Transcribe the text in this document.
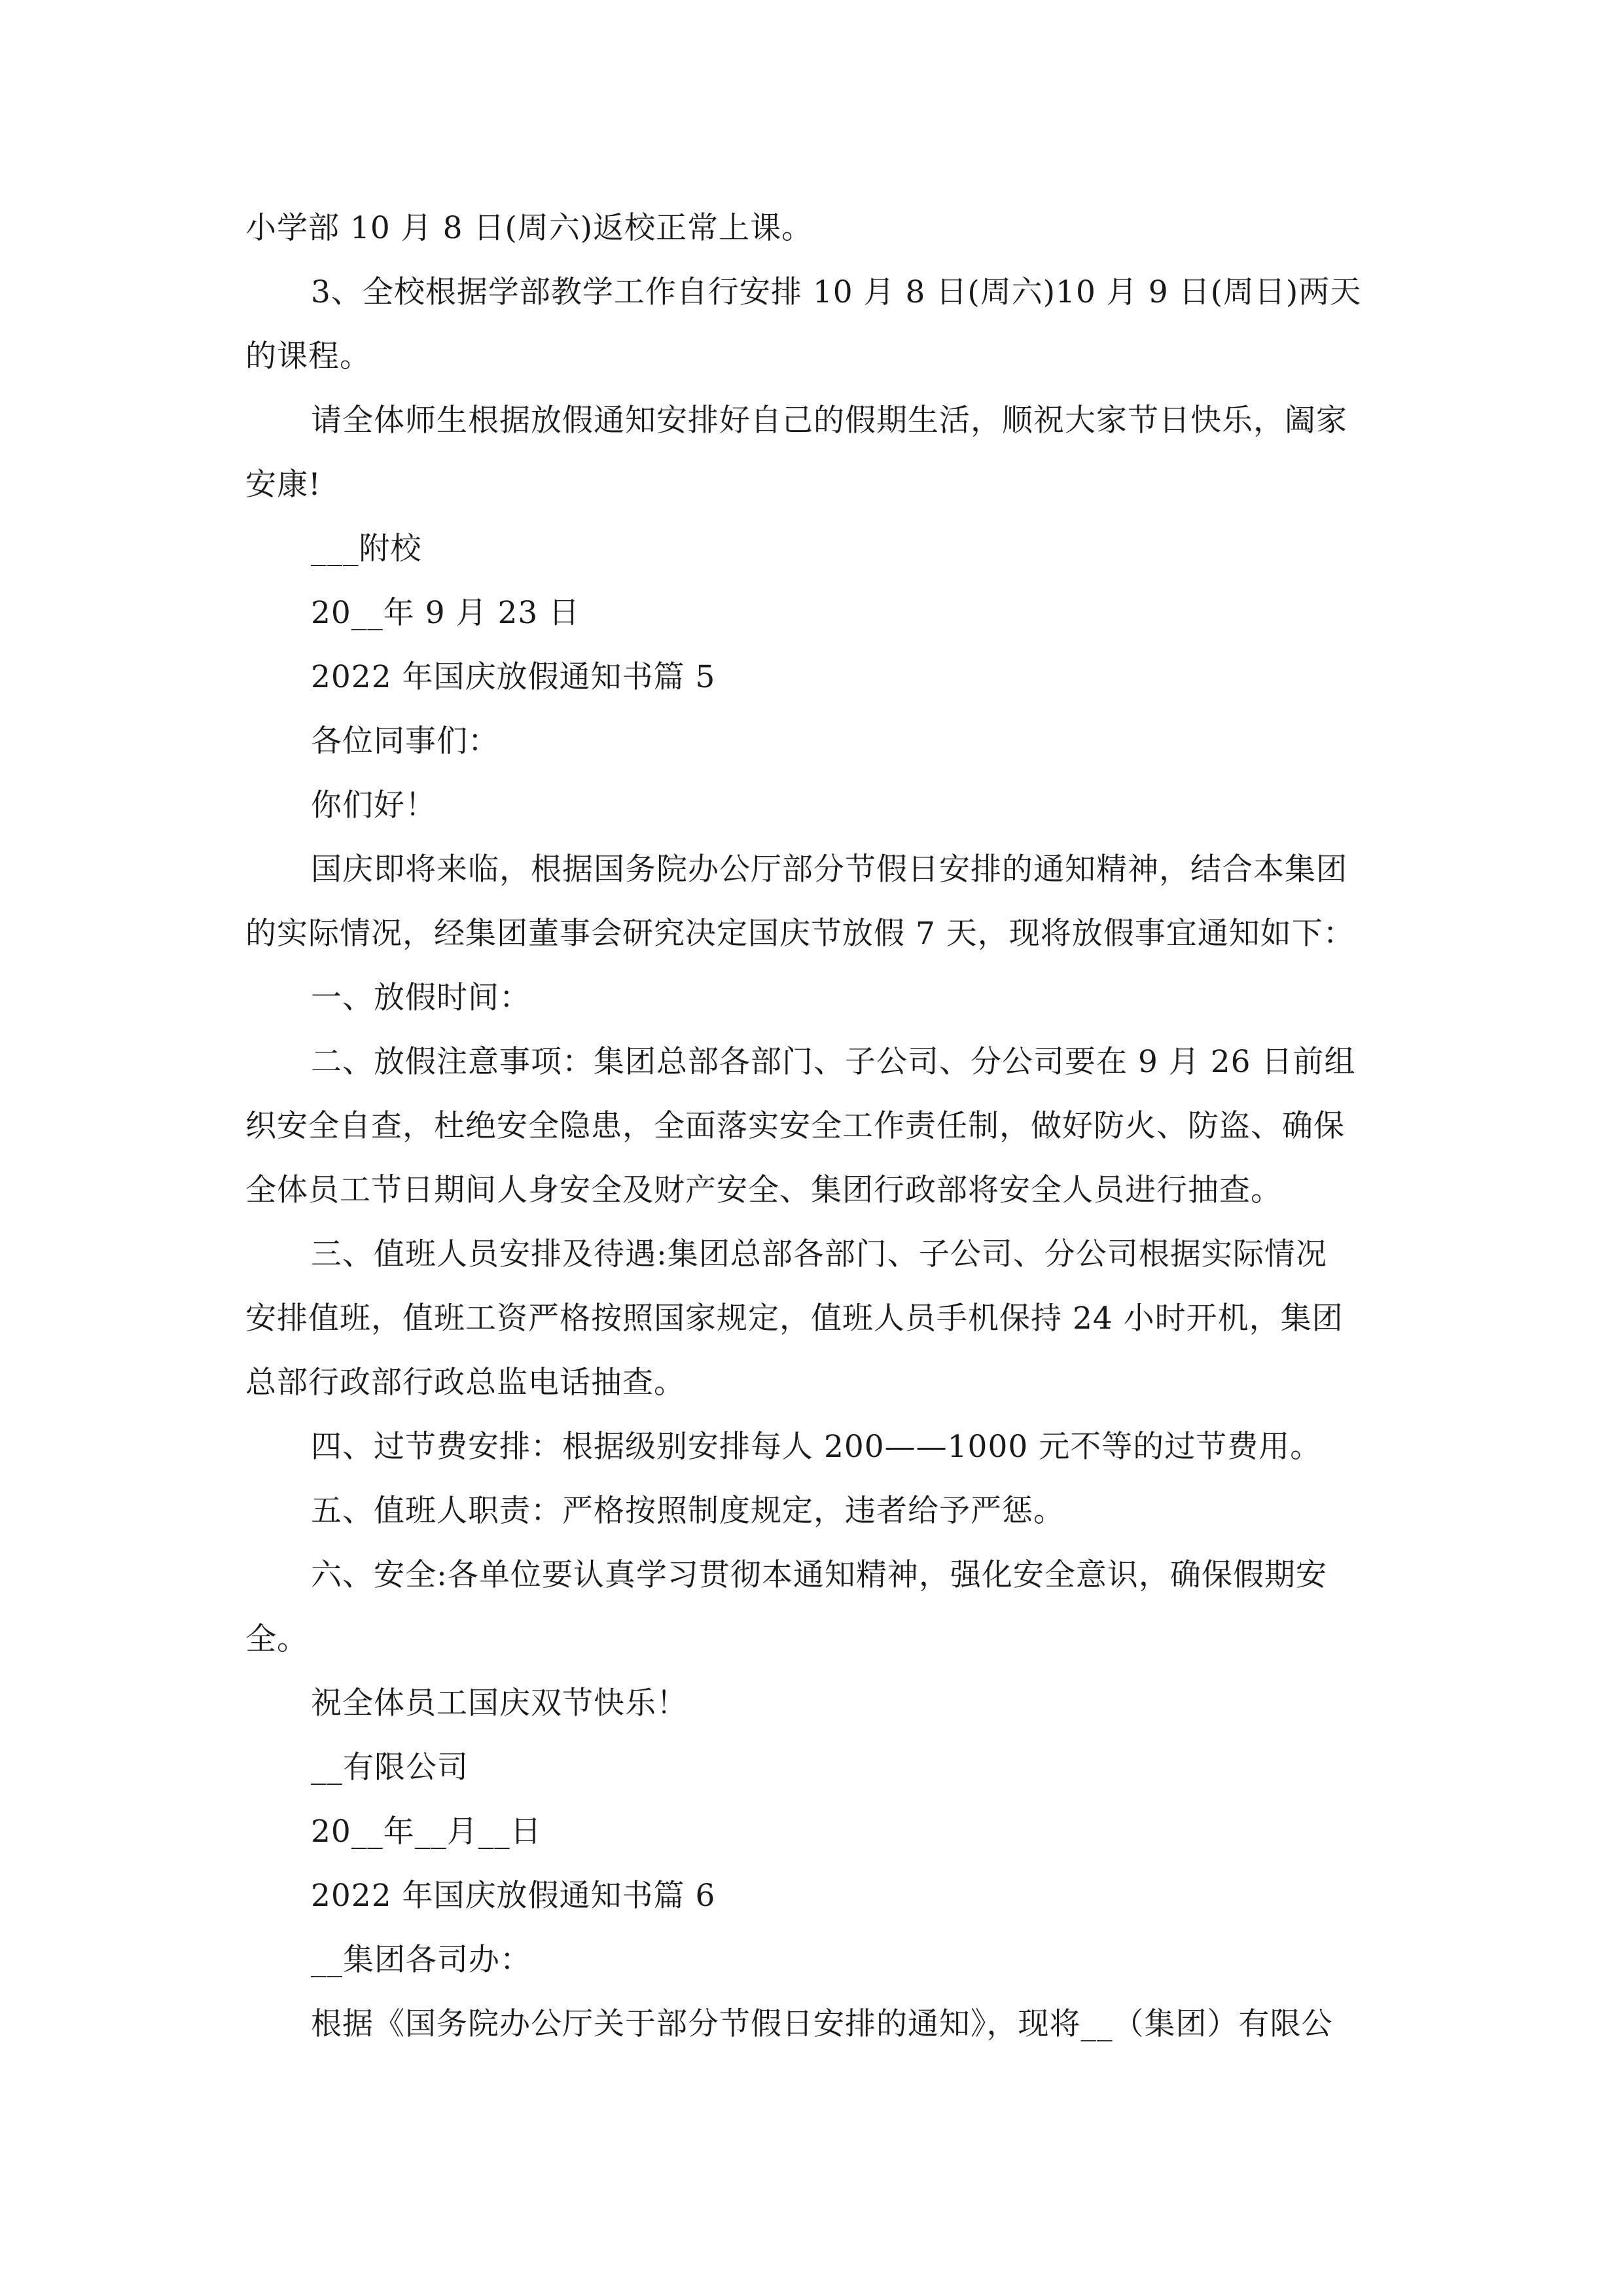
小学部 10 月 8 日(周六)返校正常上课。
3、全校根据学部教学工作自行安排 10 月 8 日(周六)10 月 9 日(周日)两天
的课程。
请全体师生根据放假通知安排好自己的假期生活，顺祝大家节日快乐，阖家
安康!
___附校
20__年 9 月 23 日
2022 年国庆放假通知书篇 5
各位同事们：
你们好！
国庆即将来临，根据国务院办公厅部分节假日安排的通知精神，结合本集团
的实际情况，经集团董事会研究决定国庆节放假 7 天，现将放假事宜通知如下：
一、放假时间：
二、放假注意事项：集团总部各部门、子公司、分公司要在 9 月 26 日前组
织安全自查，杜绝安全隐患，全面落实安全工作责任制，做好防火、防盗、确保
全体员工节日期间人身安全及财产安全、集团行政部将安全人员进行抽查。
三、值班人员安排及待遇:集团总部各部门、子公司、分公司根据实际情况
安排值班，值班工资严格按照国家规定，值班人员手机保持 24 小时开机，集团
总部行政部行政总监电话抽查。
四、过节费安排：根据级别安排每人 200——1000 元不等的过节费用。
五、值班人职责：严格按照制度规定，违者给予严惩。
六、安全:各单位要认真学习贯彻本通知精神，强化安全意识，确保假期安
全。
祝全体员工国庆双节快乐！
__有限公司
20__年__月__日
2022 年国庆放假通知书篇 6
__集团各司办：
根据《国务院办公厅关于部分节假日安排的通知》，现将__（集团）有限公
